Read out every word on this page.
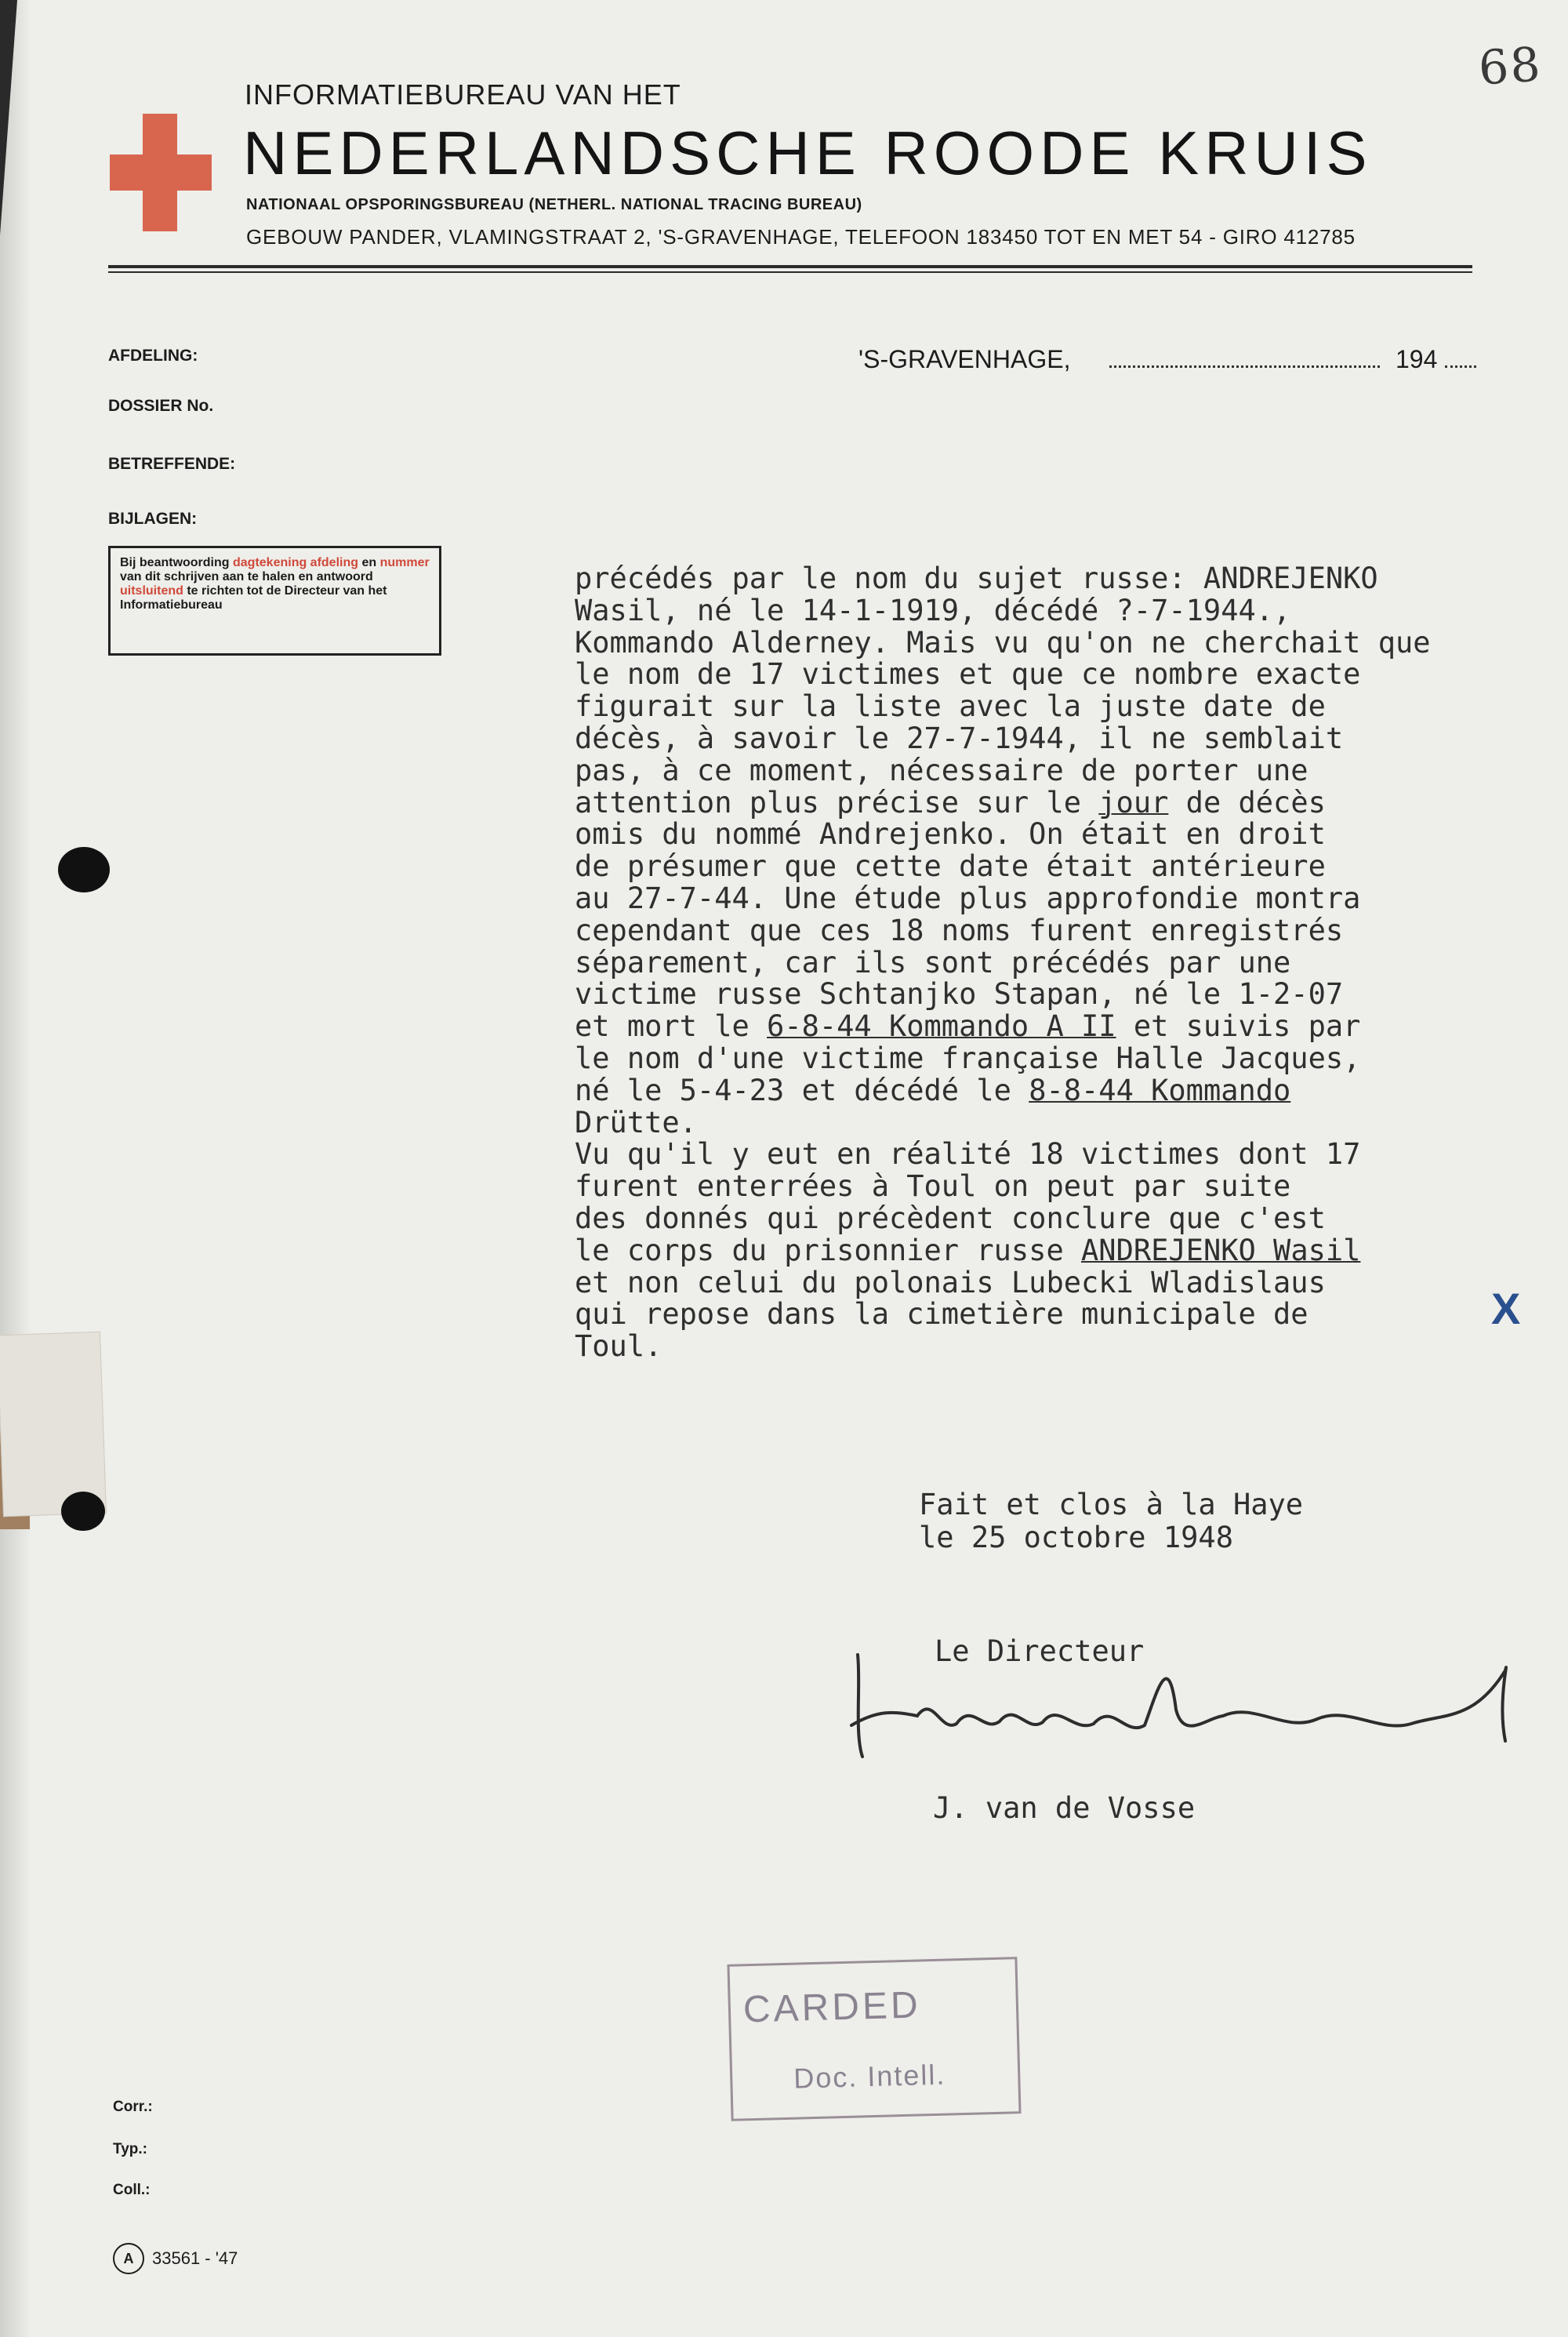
68
INFORMATIEBUREAU VAN HET
NEDERLANDSCHE ROODE KRUIS
NATIONAAL OPSPORINGSBUREAU (NETHERL. NATIONAL TRACING BUREAU)
GEBOUW PANDER, VLAMINGSTRAAT 2, 'S-GRAVENHAGE, TELEFOON 183450 TOT EN MET 54 - GIRO 412785
AFDELING:
DOSSIER No.
BETREFFENDE:
BIJLAGEN:
'S-GRAVENHAGE,	194
Bij beantwoording dagtekening afdeling en nummer van dit schrijven aan te halen en antwoord uitsluitend te richten tot de Directeur van het Informatiebureau
précédés par le nom du sujet russe: ANDREJENKO
Wasil, né le 14-1-1919, décédé ?-7-1944.,
Kommando Alderney. Mais vu qu'on ne cherchait que
le nom de 17 victimes et que ce nombre exacte
figurait sur la liste avec la juste date de
décès, à savoir le 27-7-1944, il ne semblait
pas, à ce moment, nécessaire de porter une
attention plus précise sur le jour de décès
omis du nommé Andrejenko. On était en droit
de présumer que cette date était antérieure
au 27-7-44. Une étude plus approfondie montra
cependant que ces 18 noms furent enregistrés
séparement, car ils sont précédés par une
victime russe Schtanjko Stapan, né le 1-2-07
et mort le 6-8-44 Kommando A II et suivis par
le nom d'une victime française Halle Jacques,
né le 5-4-23 et décédé le 8-8-44 Kommando
Drütte.
Vu qu'il y eut en réalité 18 victimes dont 17
furent enterrées à Toul on peut par suite
des donnés qui précèdent conclure que c'est
le corps du prisonnier russe ANDREJENKO Wasil
et non celui du polonais Lubecki Wladislaus
qui repose dans la cimetière municipale de
Toul.
X
Fait et clos à la Haye
le 25 octobre 1948
Le Directeur
J. van de Vosse
CARDED
Doc. Intell.
Corr.:
Typ.:
Coll.:
A	33561 - '47
